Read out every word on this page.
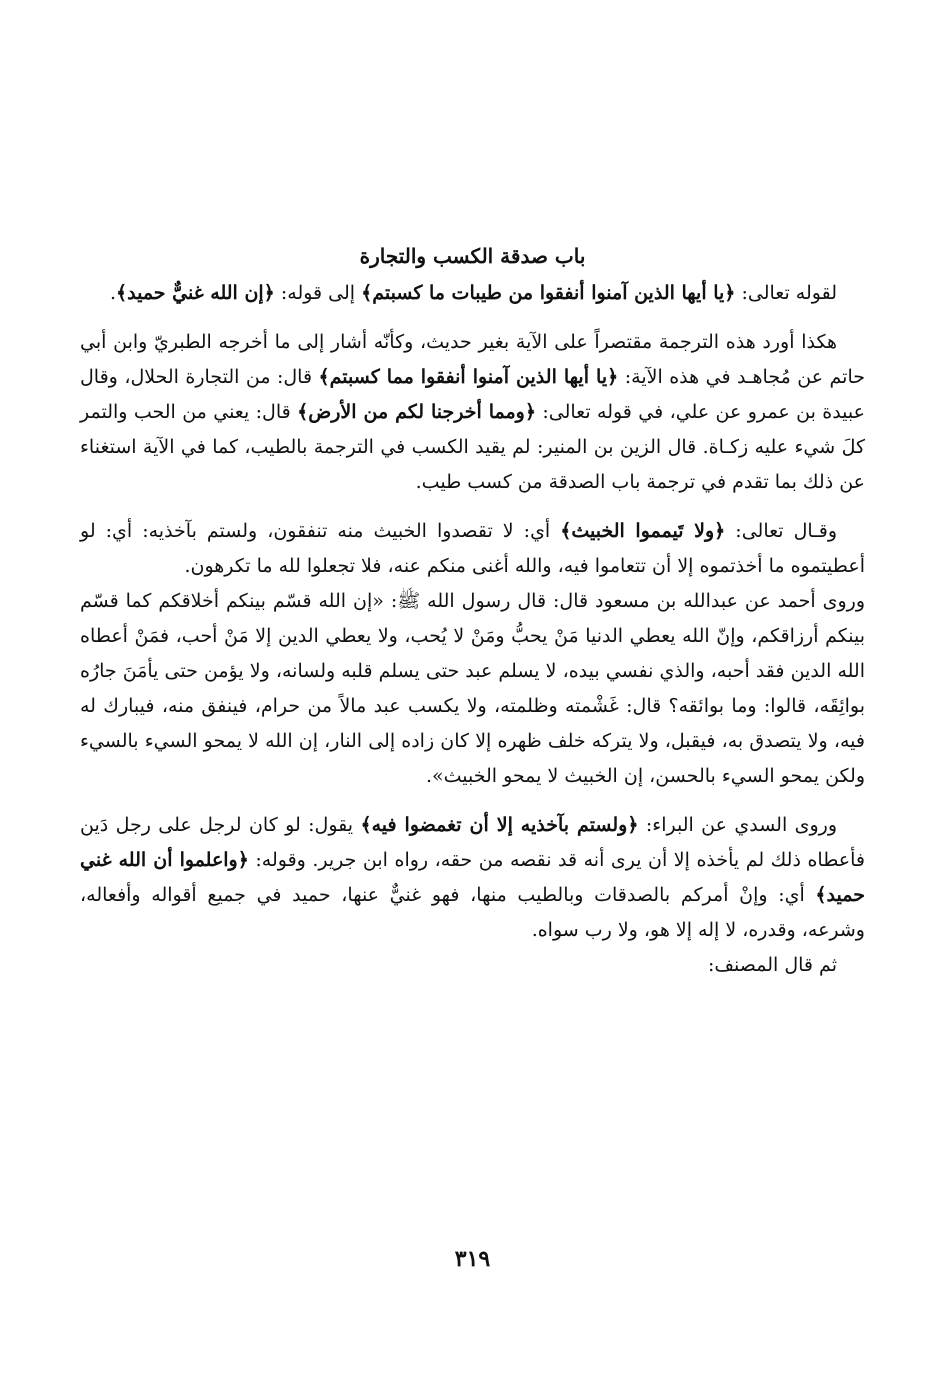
باب صدقة الكسب والتجارة

لقوله تعالى: ﴿يا أيها الذين آمنوا أنفقوا من طيبات ما كسبتم﴾ إلى قوله: ﴿إن الله غنيٌّ حميد﴾.

هكذا أورد هذه الترجمة مقتصراً على الآية بغير حديث، وكأنّه أشار إلى ما أخرجه الطبريّ وابن أبي حاتم عن مُجاهـد في هذه الآية: ﴿يا أيها الذين آمنوا أنفقوا مما كسبتم﴾ قال: من التجارة الحلال، وقال عبيدة بن عمرو عن علي، في قوله تعالى: ﴿ومما أخرجنا لكم من الأرض﴾ قال: يعني من الحب والتمر كلَ شيء عليه زكـاة. قال الزين بن المنير: لم يقيد الكسب في الترجمة بالطيب، كما في الآية استغناء عن ذلك بما تقدم في ترجمة باب الصدقة من كسب طيب.

وقـال تعالى: ﴿ولا تَيمموا الخبيث﴾ أي: لا تقصدوا الخبيث منه تنفقون، ولستم بآخذيه: أي: لو أعطيتموه ما أخذتموه إلا أن تتعاموا فيه، والله أغنى منكم عنه، فلا تجعلوا لله ما تكرهون.

وروى أحمد عن عبدالله بن مسعود قال: قال رسول الله ﷺ: «إن الله قسّم بينكم أخلاقكم كما قسّم بينكم أرزاقكم، وإنّ الله يعطي الدنيا مَنْ يحبُّ ومَنْ لا يُحب، ولا يعطي الدين إلا مَنْ أحب، فمَنْ أعطاه الله الدين فقد أحبه، والذي نفسي بيده، لا يسلم عبد حتى يسلم قلبه ولسانه، ولا يؤمن حتى يأمَنَ جارُه بوائِقَه، قالوا: وما بوائقه؟ قال: غَشْمته وظلمته، ولا يكسب عبد مالاً من حرام، فينفق منه، فيبارك له فيه، ولا يتصدق به، فيقبل، ولا يتركه خلف ظهره إلا كان زاده إلى النار، إن الله لا يمحو السيء بالسيء ولكن يمحو السيء بالحسن، إن الخبيث لا يمحو الخبيث».

وروى السدي عن البراء: ﴿ولستم بآخذيه إلا أن تغمضوا فيه﴾ يقول: لو كان لرجل على رجل دَين فأعطاه ذلك لم يأخذه إلا أن يرى أنه قد نقصه من حقه، رواه ابن جرير. وقوله: ﴿واعلموا أن الله غني حميد﴾ أي: وإنْ أمركم بالصدقات وبالطيب منها، فهو غنيٌّ عنها، حميد في جميع أقواله وأفعاله، وشرعه، وقدره، لا إله إلا هو، ولا رب سواه.

ثم قال المصنف:

٣١٩
